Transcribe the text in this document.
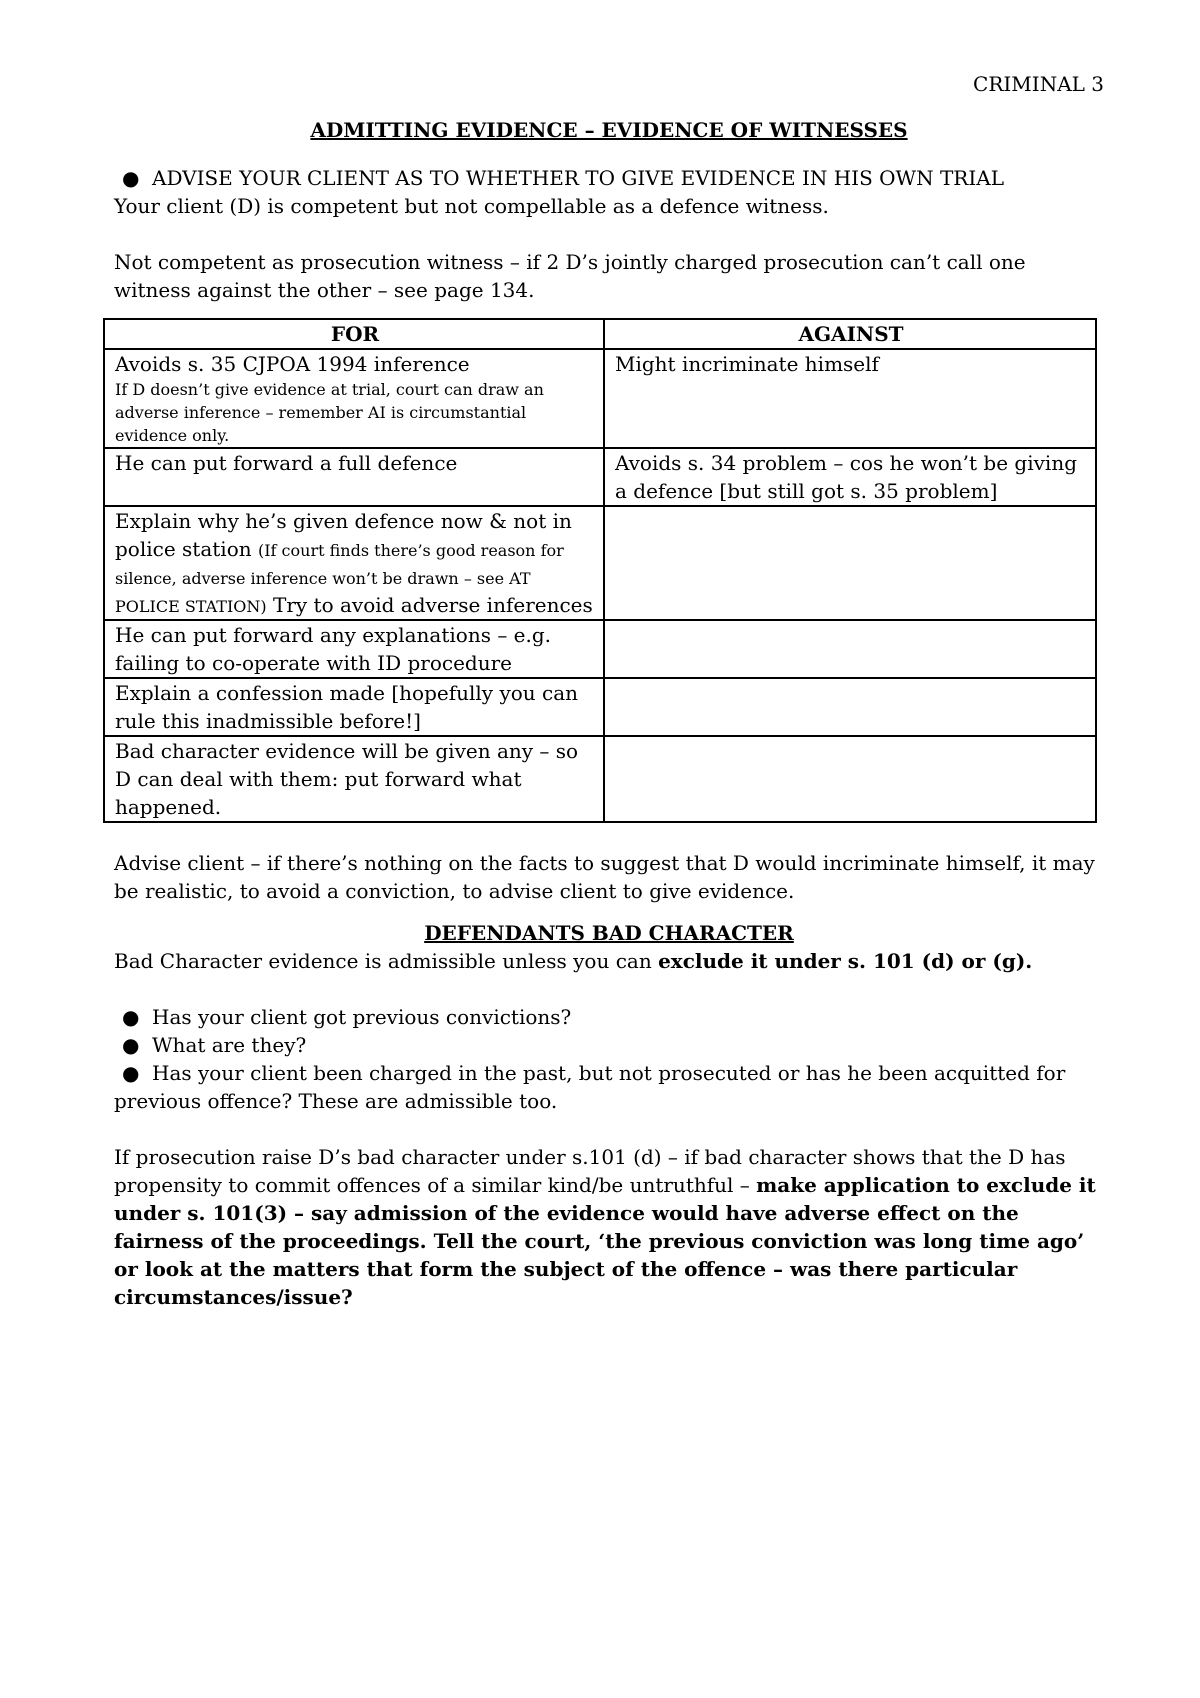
CRIMINAL 3

ADMITTING EVIDENCE – EVIDENCE OF WITNESSES

● ADVISE YOUR CLIENT AS TO WHETHER TO GIVE EVIDENCE IN HIS OWN TRIAL

Your client (D) is competent but not compellable as a defence witness.

Not competent as prosecution witness – if 2 D’s jointly charged prosecution can’t call one witness against the other – see page 134.

FOR	AGAINST

Avoids s. 35 CJPOA 1994 inference
If D doesn’t give evidence at trial, court can draw an adverse inference – remember AI is circumstantial evidence only.	Might incriminate himself
He can put forward a full defence	Avoids s. 34 problem – cos he won’t be giving a defence [but still got s. 35 problem]
Explain why he’s given defence now & not in police station (If court finds there’s good reason for silence, adverse inference won’t be drawn – see AT POLICE STATION) Try to avoid adverse inferences	
He can put forward any explanations – e.g. failing to co-operate with ID procedure	
Explain a confession made [hopefully you can rule this inadmissible before!]	
Bad character evidence will be given any – so D can deal with them: put forward what happened.	

Advise client – if there’s nothing on the facts to suggest that D would incriminate himself, it may be realistic, to avoid a conviction, to advise client to give evidence.

DEFENDANTS BAD CHARACTER

Bad Character evidence is admissible unless you can exclude it under s. 101 (d) or (g).

● Has your client got previous convictions?
● What are they?
● Has your client been charged in the past, but not prosecuted or has he been acquitted for

previous offence? These are admissible too.

If prosecution raise D’s bad character under s.101 (d) – if bad character shows that the D has propensity to commit offences of a similar kind/be untruthful – make application to exclude it under s. 101(3) – say admission of the evidence would have adverse effect on the fairness of the proceedings. Tell the court, ‘the previous conviction was long time ago’ or look at the matters that form the subject of the offence – was there particular circumstances/issue?
